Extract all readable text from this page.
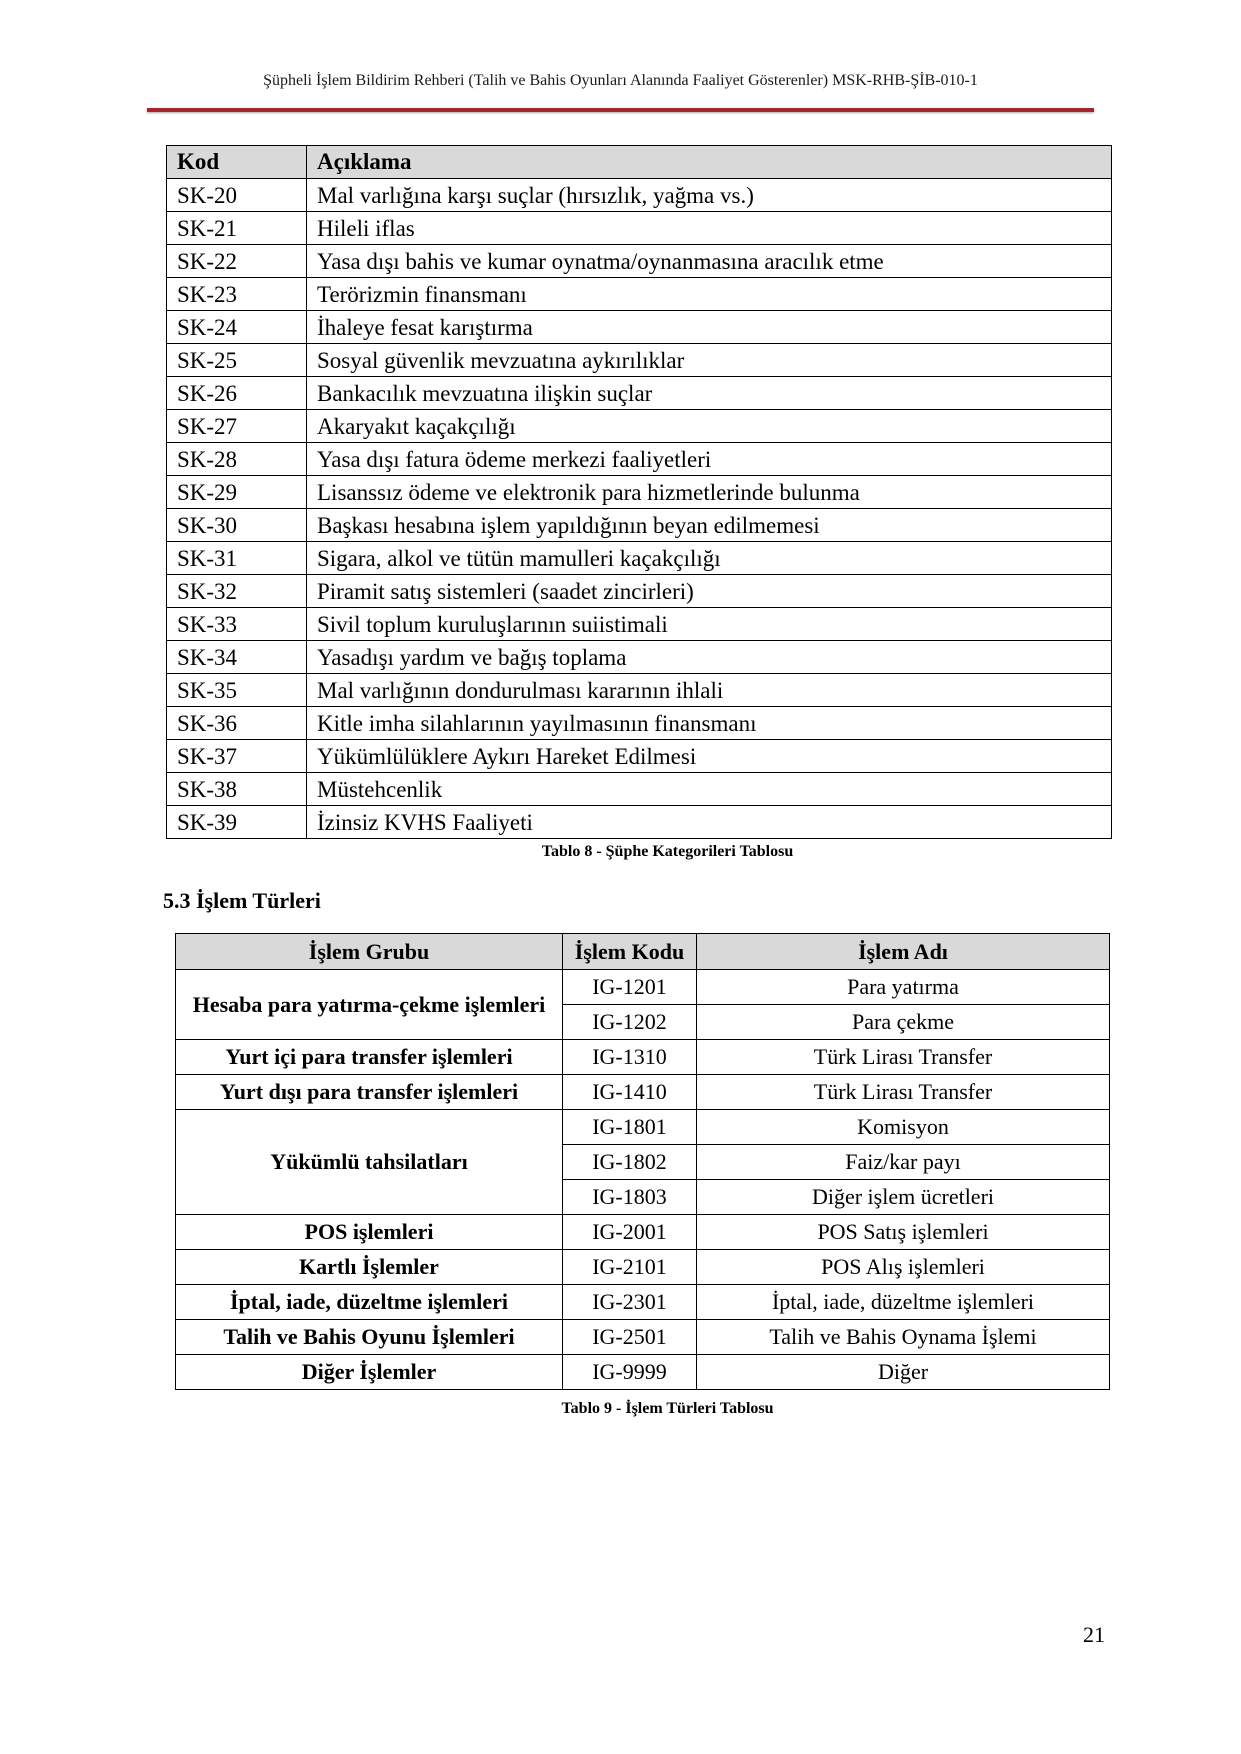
Şüpheli İşlem Bildirim Rehberi (Talih ve Bahis Oyunları Alanında Faaliyet Gösterenler) MSK-RHB-ŞİB-010-1
Kod	Açıklama
SK-20	Mal varlığına karşı suçlar (hırsızlık, yağma vs.)
SK-21	Hileli iflas
SK-22	Yasa dışı bahis ve kumar oynatma/oynanmasına aracılık etme
SK-23	Terörizmin finansmanı
SK-24	İhaleye fesat karıştırma
SK-25	Sosyal güvenlik mevzuatına aykırılıklar
SK-26	Bankacılık mevzuatına ilişkin suçlar
SK-27	Akaryakıt kaçakçılığı
SK-28	Yasa dışı fatura ödeme merkezi faaliyetleri
SK-29	Lisanssız ödeme ve elektronik para hizmetlerinde bulunma
SK-30	Başkası hesabına işlem yapıldığının beyan edilmemesi
SK-31	Sigara, alkol ve tütün mamulleri kaçakçılığı
SK-32	Piramit satış sistemleri (saadet zincirleri)
SK-33	Sivil toplum kuruluşlarının suiistimali
SK-34	Yasadışı yardım ve bağış toplama
SK-35	Mal varlığının dondurulması kararının ihlali
SK-36	Kitle imha silahlarının yayılmasının finansmanı
SK-37	Yükümlülüklere Aykırı Hareket Edilmesi
SK-38	Müstehcenlik
SK-39	İzinsiz KVHS Faaliyeti
Tablo 8 - Şüphe Kategorileri Tablosu
5.3 İşlem Türleri
İşlem Grubu	İşlem Kodu	İşlem Adı
Hesaba para yatırma-çekme işlemleri	IG-1201	Para yatırma
	IG-1202	Para çekme
Yurt içi para transfer işlemleri	IG-1310	Türk Lirası Transfer
Yurt dışı para transfer işlemleri	IG-1410	Türk Lirası Transfer
Yükümlü tahsilatları	IG-1801	Komisyon
	IG-1802	Faiz/kar payı
	IG-1803	Diğer işlem ücretleri
POS işlemleri	IG-2001	POS Satış işlemleri
Kartlı İşlemler	IG-2101	POS Alış işlemleri
İptal, iade, düzeltme işlemleri	IG-2301	İptal, iade, düzeltme işlemleri
Talih ve Bahis Oyunu İşlemleri	IG-2501	Talih ve Bahis Oynama İşlemi
Diğer İşlemler	IG-9999	Diğer
Tablo 9 - İşlem Türleri Tablosu
21
